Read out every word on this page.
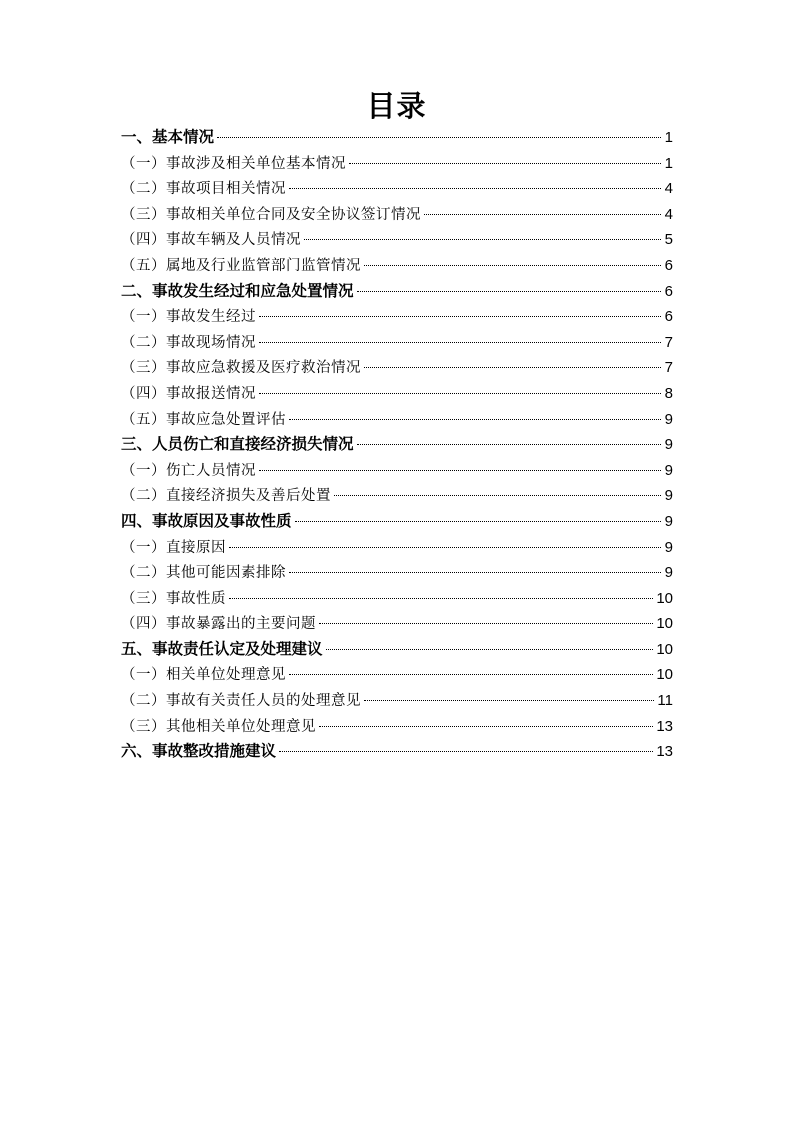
目录
一、基本情况	1
（一）事故涉及相关单位基本情况	1
（二）事故项目相关情况	4
（三）事故相关单位合同及安全协议签订情况	4
（四）事故车辆及人员情况	5
（五）属地及行业监管部门监管情况	6
二、事故发生经过和应急处置情况	6
（一）事故发生经过	6
（二）事故现场情况	7
（三）事故应急救援及医疗救治情况	7
（四）事故报送情况	8
（五）事故应急处置评估	9
三、人员伤亡和直接经济损失情况	9
（一）伤亡人员情况	9
（二）直接经济损失及善后处置	9
四、事故原因及事故性质	9
（一）直接原因	9
（二）其他可能因素排除	9
（三）事故性质	10
（四）事故暴露出的主要问题	10
五、事故责任认定及处理建议	10
（一）相关单位处理意见	10
（二）事故有关责任人员的处理意见	11
（三）其他相关单位处理意见	13
六、事故整改措施建议	13
